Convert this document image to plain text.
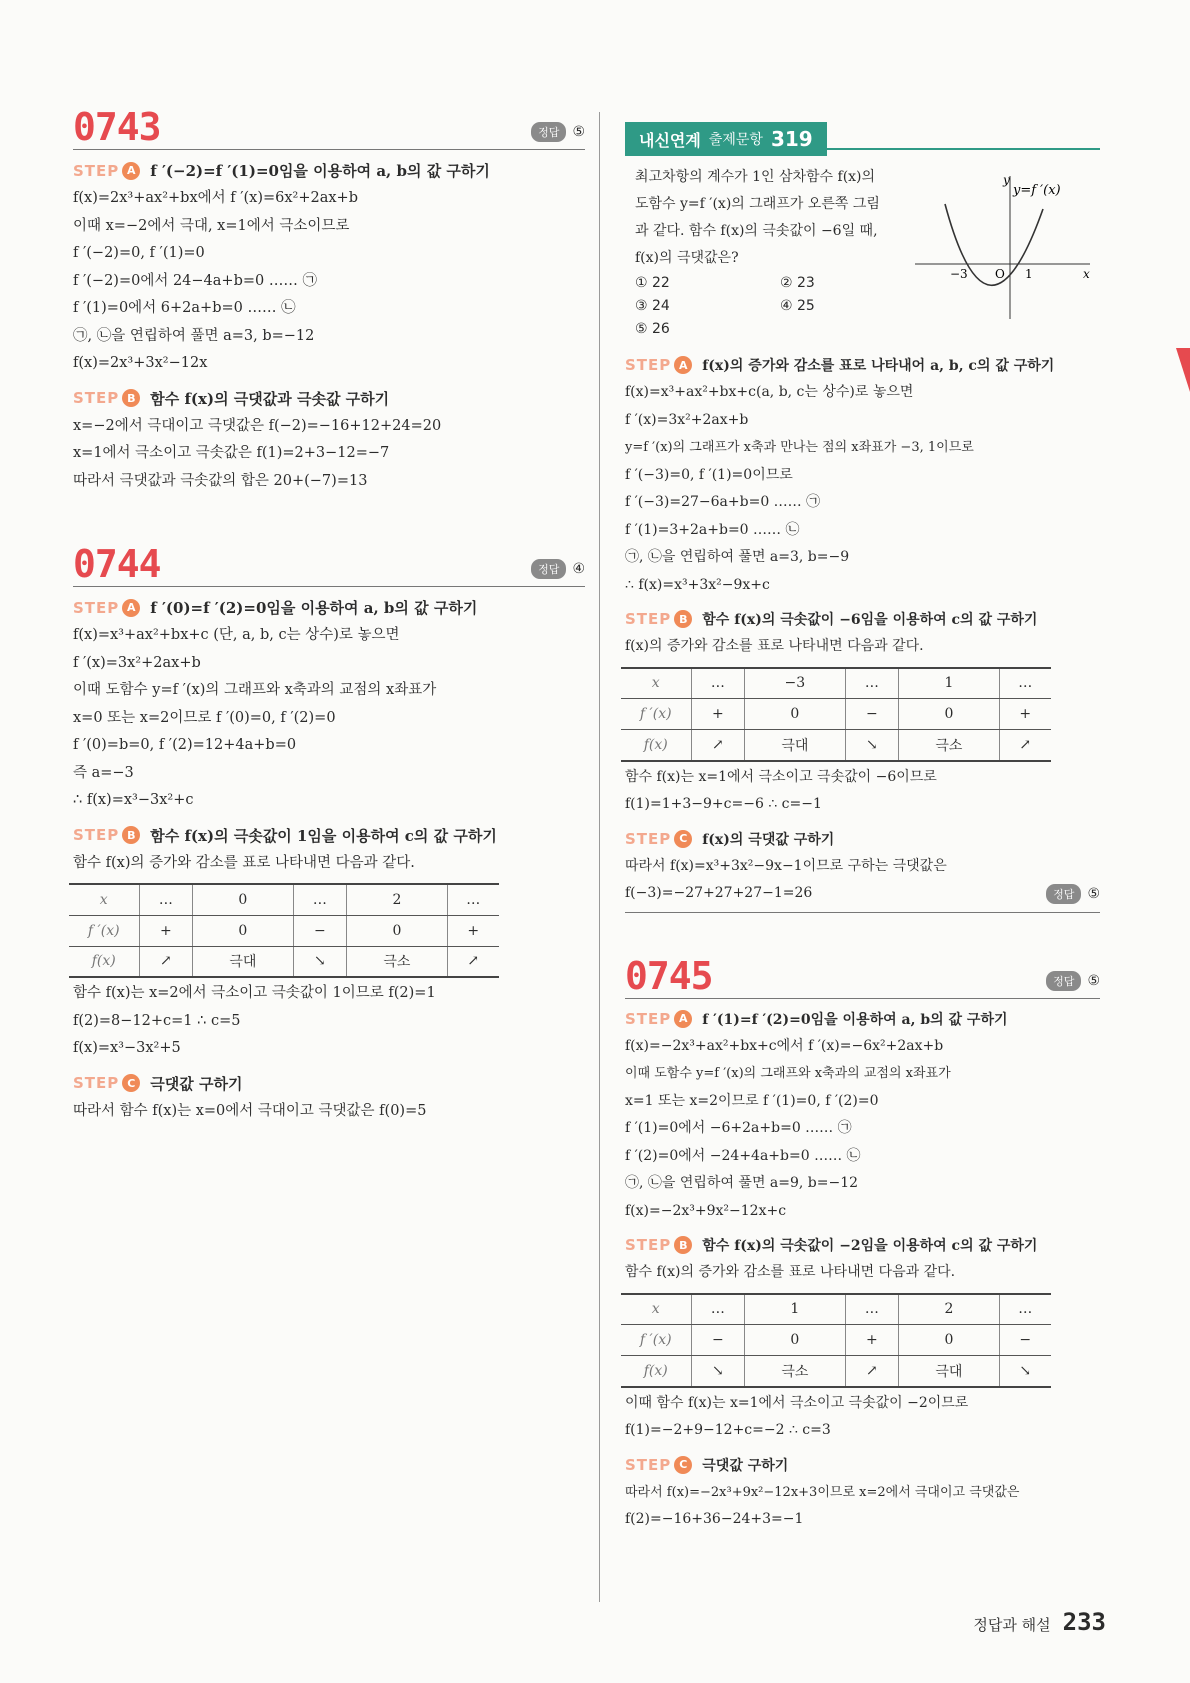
0743	정답 ⑤
STEP A f ′(−2)=f ′(1)=0임을 이용하여 a, b의 값 구하기
f(x)=2x³+ax²+bx에서 f ′(x)=6x²+2ax+b
이때 x=−2에서 극대, x=1에서 극소이므로
f ′(−2)=0, f ′(1)=0
f ′(−2)=0에서 24−4a+b=0 …… ㉠
f ′(1)=0에서 6+2a+b=0 …… ㉡
㉠, ㉡을 연립하여 풀면 a=3, b=−12
f(x)=2x³+3x²−12x
STEP B 함수 f(x)의 극댓값과 극솟값 구하기
x=−2에서 극대이고 극댓값은 f(−2)=−16+12+24=20
x=1에서 극소이고 극솟값은 f(1)=2+3−12=−7
따라서 극댓값과 극솟값의 합은 20+(−7)=13
0744	정답 ④
STEP A f ′(0)=f ′(2)=0임을 이용하여 a, b의 값 구하기
f(x)=x³+ax²+bx+c (단, a, b, c는 상수)로 놓으면
f ′(x)=3x²+2ax+b
이때 도함수 y=f ′(x)의 그래프와 x축과의 교점의 x좌표가
x=0 또는 x=2이므로 f ′(0)=0, f ′(2)=0
f ′(0)=b=0, f ′(2)=12+4a+b=0
즉 a=−3
∴ f(x)=x³−3x²+c
STEP B 함수 f(x)의 극솟값이 1임을 이용하여 c의 값 구하기
함수 f(x)의 증가와 감소를 표로 나타내면 다음과 같다.
x	…	0	…	2	…
f ′(x)	+	0	−	0	+
f(x)	↗	극대	↘	극소	↗
함수 f(x)는 x=2에서 극소이고 극솟값이 1이므로 f(2)=1
f(2)=8−12+c=1 ∴ c=5
f(x)=x³−3x²+5
STEP C 극댓값 구하기
따라서 함수 f(x)는 x=0에서 극대이고 극댓값은 f(0)=5
내신연계 출제문항 319
최고차항의 계수가 1인 삼차함수 f(x)의
도함수 y=f ′(x)의 그래프가 오른쪽 그림
과 같다. 함수 f(x)의 극솟값이 −6일 때,
f(x)의 극댓값은?
① 22	② 23
③ 24	④ 25
⑤ 26
y
x
y=f ′(x)
O
−3	1
STEP A	f(x)의 증가와 감소를 표로 나타내어 a, b, c의 값 구하기
f(x)=x³+ax²+bx+c(a, b, c는 상수)로 놓으면
f ′(x)=3x²+2ax+b
y=f ′(x)의 그래프가 x축과 만나는 점의 x좌표가 −3, 1이므로
f ′(−3)=0, f ′(1)=0이므로
f ′(−3)=27−6a+b=0 …… ㉠
f ′(1)=3+2a+b=0 …… ㉡
㉠, ㉡을 연립하여 풀면 a=3, b=−9
∴ f(x)=x³+3x²−9x+c
STEP B	함수 f(x)의 극솟값이 −6임을 이용하여 c의 값 구하기
f(x)의 증가와 감소를 표로 나타내면 다음과 같다.
x	…	−3	…	1	…
f ′(x)	+	0	−	0	+
f(x)	↗	극대	↘	극소	↗
함수 f(x)는 x=1에서 극소이고 극솟값이 −6이므로
f(1)=1+3−9+c=−6 ∴ c=−1
STEP C	f(x)의 극댓값 구하기
따라서 f(x)=x³+3x²−9x−1이므로 구하는 극댓값은
f(−3)=−27+27+27−1=26	정답 ⑤
0745	정답 ⑤
STEP A	f ′(1)=f ′(2)=0임을 이용하여 a, b의 값 구하기
f(x)=−2x³+ax²+bx+c에서 f ′(x)=−6x²+2ax+b
이때 도함수 y=f ′(x)의 그래프와 x축과의 교점의 x좌표가
x=1 또는 x=2이므로 f ′(1)=0, f ′(2)=0
f ′(1)=0에서 −6+2a+b=0 …… ㉠
f ′(2)=0에서 −24+4a+b=0 …… ㉡
㉠, ㉡을 연립하여 풀면 a=9, b=−12
f(x)=−2x³+9x²−12x+c
STEP B	함수 f(x)의 극솟값이 −2임을 이용하여 c의 값 구하기
함수 f(x)의 증가와 감소를 표로 나타내면 다음과 같다.
x	…	1	…	2	…
f ′(x)	−	0	+	0	−
f(x)	↘	극소	↗	극대	↘
이때 함수 f(x)는 x=1에서 극소이고 극솟값이 −2이므로
f(1)=−2+9−12+c=−2 ∴ c=3
STEP C	극댓값 구하기
따라서 f(x)=−2x³+9x²−12x+3이므로 x=2에서 극대이고 극댓값은
f(2)=−16+36−24+3=−1
정답과 해설 233
